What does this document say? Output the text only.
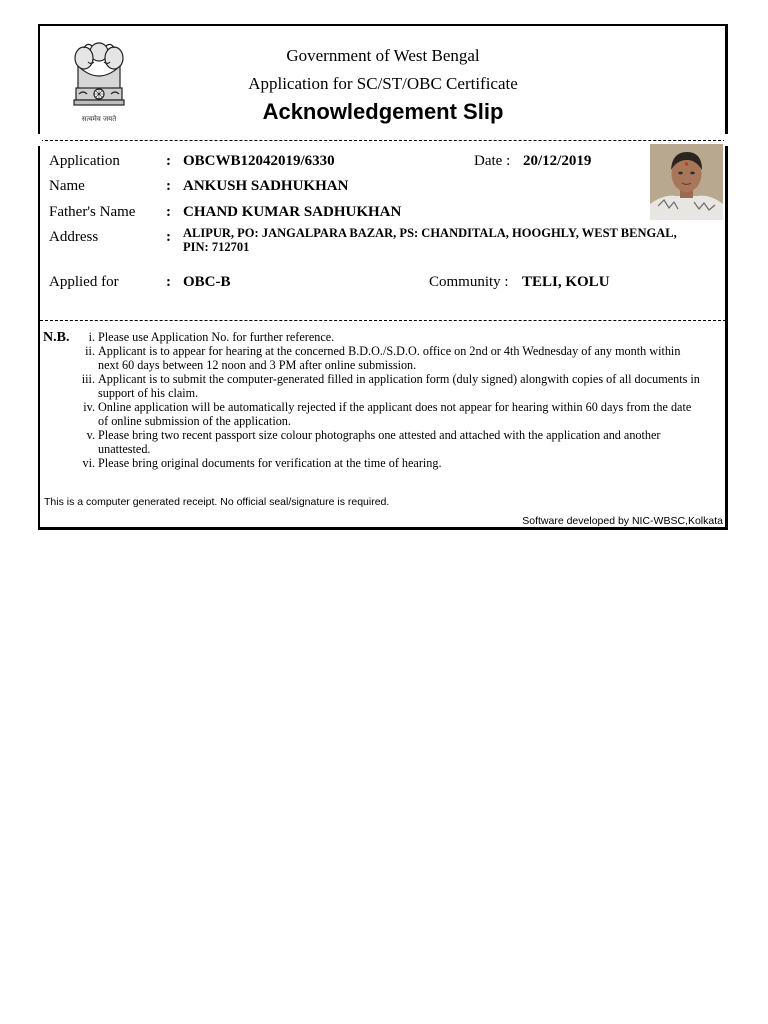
सत्यमेव जयते
Government of West Bengal
Application for SC/ST/OBC Certificate
Acknowledgement Slip
Application	: OBCWB12042019/6330	Date : 20/12/2019
Name	: ANKUSH SADHUKHAN
Father's Name : CHAND KUMAR SADHUKHAN
Address	: ALIPUR, PO: JANGALPARA BAZAR, PS: CHANDITALA, HOOGHLY, WEST BENGAL,
PIN: 712701
Applied for	: OBC-B	Community : TELI, KOLU
N.B. i. Please use Application No. for further reference.
ii. Applicant is to appear for hearing at the concerned B.D.O./S.D.O. office on 2nd or 4th Wednesday of any month within next 60 days between 12 noon and 3 PM after online submission.
iii. Applicant is to submit the computer-generated filled in application form (duly signed) alongwith copies of all documents in support of his claim.
iv. Online application will be automatically rejected if the applicant does not appear for hearing within 60 days from the date of online submission of the application.
v. Please bring two recent passport size colour photographs one attested and attached with the application and another unattested.
vi. Please bring original documents for verification at the time of hearing.
This is a computer generated receipt. No official seal/signature is required.
Software developed by NIC-WBSC,Kolkata
